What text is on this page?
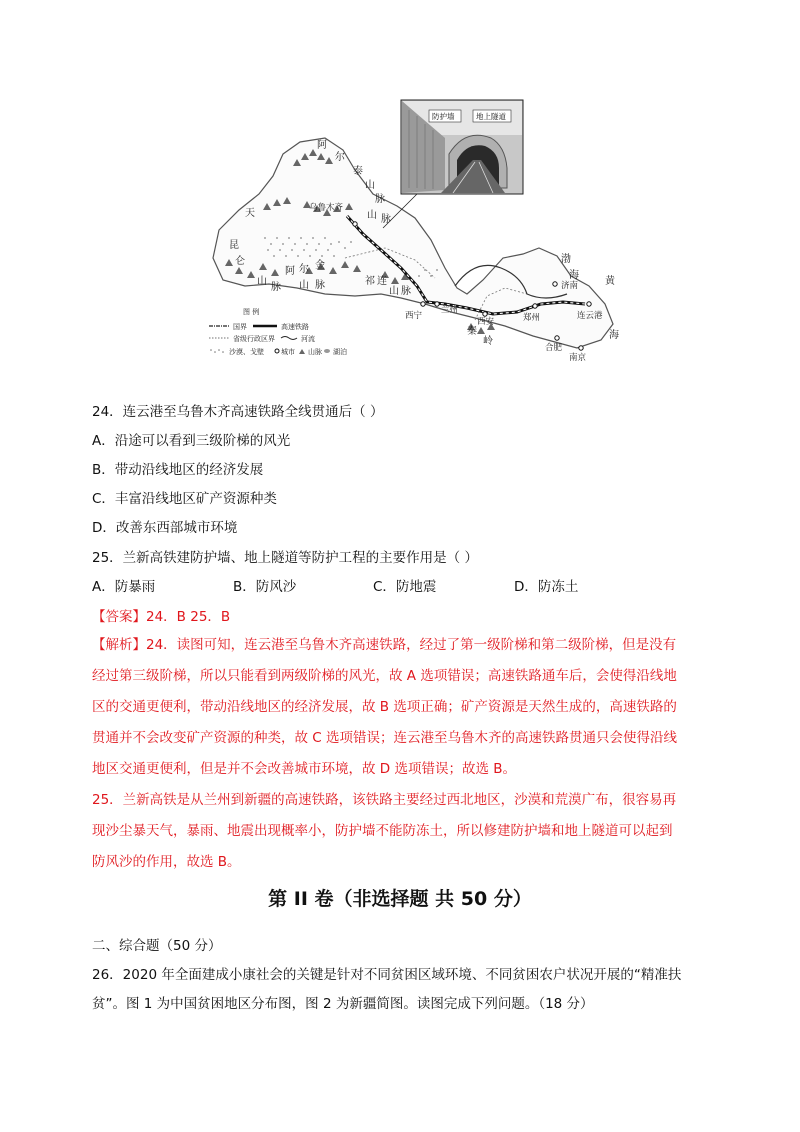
阿
尔
泰
山
脉
天	山 脉
昆
仑
山
脉
阿 尔 金
山 脉	祁 连
山 脉
秦
岭
乌鲁木齐
西宁
兰州
西安	郑州
济南
合肥
南京
连云港
渤
海
黄
海
图 例
国界	高速铁路
省级行政区界	河流
沙漠、戈壁 城市 山脉 湖泊
防护墙	地上隧道
24．连云港至乌鲁木齐高速铁路全线贯通后（ ）
A．沿途可以看到三级阶梯的风光
B．带动沿线地区的经济发展
C．丰富沿线地区矿产资源种类
D．改善东西部城市环境
25．兰新高铁建防护墙、地上隧道等防护工程的主要作用是（ ）
A．防暴雨	B．防风沙	C．防地震	D．防冻土
【答案】24．B 25．B
【解析】24．读图可知，连云港至乌鲁木齐高速铁路，经过了第一级阶梯和第二级阶梯，但是没有
经过第三级阶梯，所以只能看到两级阶梯的风光，故 A 选项错误；高速铁路通车后，会使得沿线地
区的交通更便利，带动沿线地区的经济发展，故 B 选项正确；矿产资源是天然生成的，高速铁路的
贯通并不会改变矿产资源的种类，故 C 选项错误；连云港至乌鲁木齐的高速铁路贯通只会使得沿线
地区交通更便利，但是并不会改善城市环境，故 D 选项错误；故选 B。
25．兰新高铁是从兰州到新疆的高速铁路，该铁路主要经过西北地区，沙漠和荒漠广布，很容易再
现沙尘暴天气，暴雨、地震出现概率小，防护墙不能防冻土，所以修建防护墙和地上隧道可以起到
防风沙的作用，故选 B。
第 II 卷（非选择题 共 50 分）
二、综合题（50 分）
26．2020 年全面建成小康社会的关键是针对不同贫困区域环境、不同贫困农户状况开展的“精准扶
贫”。图 1 为中国贫困地区分布图，图 2 为新疆简图。读图完成下列问题。（18 分）
